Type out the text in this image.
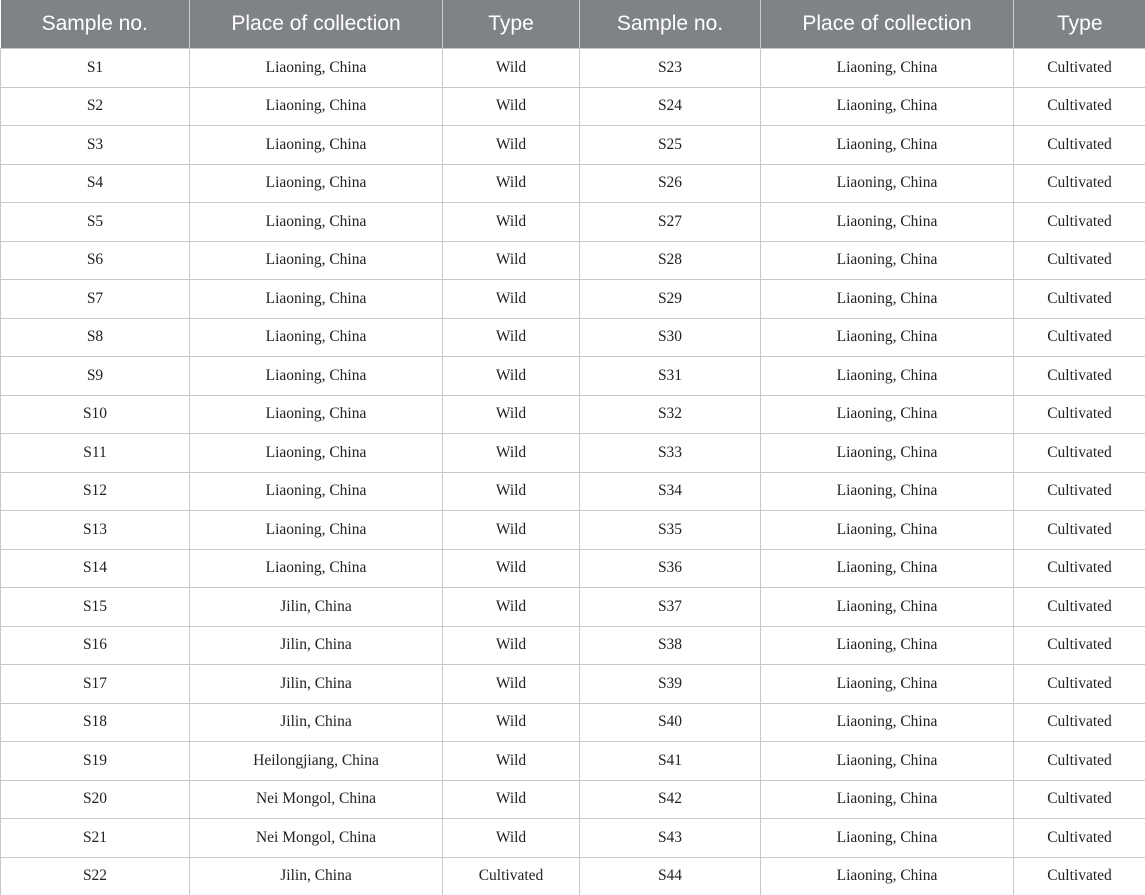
Sample no.	Place of collection	Type	Sample no.	Place of collection	Type
S1	Liaoning, China	Wild	S23	Liaoning, China	Cultivated
S2	Liaoning, China	Wild	S24	Liaoning, China	Cultivated
S3	Liaoning, China	Wild	S25	Liaoning, China	Cultivated
S4	Liaoning, China	Wild	S26	Liaoning, China	Cultivated
S5	Liaoning, China	Wild	S27	Liaoning, China	Cultivated
S6	Liaoning, China	Wild	S28	Liaoning, China	Cultivated
S7	Liaoning, China	Wild	S29	Liaoning, China	Cultivated
S8	Liaoning, China	Wild	S30	Liaoning, China	Cultivated
S9	Liaoning, China	Wild	S31	Liaoning, China	Cultivated
S10	Liaoning, China	Wild	S32	Liaoning, China	Cultivated
S11	Liaoning, China	Wild	S33	Liaoning, China	Cultivated
S12	Liaoning, China	Wild	S34	Liaoning, China	Cultivated
S13	Liaoning, China	Wild	S35	Liaoning, China	Cultivated
S14	Liaoning, China	Wild	S36	Liaoning, China	Cultivated
S15	Jilin, China	Wild	S37	Liaoning, China	Cultivated
S16	Jilin, China	Wild	S38	Liaoning, China	Cultivated
S17	Jilin, China	Wild	S39	Liaoning, China	Cultivated
S18	Jilin, China	Wild	S40	Liaoning, China	Cultivated
S19	Heilongjiang, China	Wild	S41	Liaoning, China	Cultivated
S20	Nei Mongol, China	Wild	S42	Liaoning, China	Cultivated
S21	Nei Mongol, China	Wild	S43	Liaoning, China	Cultivated
S22	Jilin, China	Cultivated	S44	Liaoning, China	Cultivated
